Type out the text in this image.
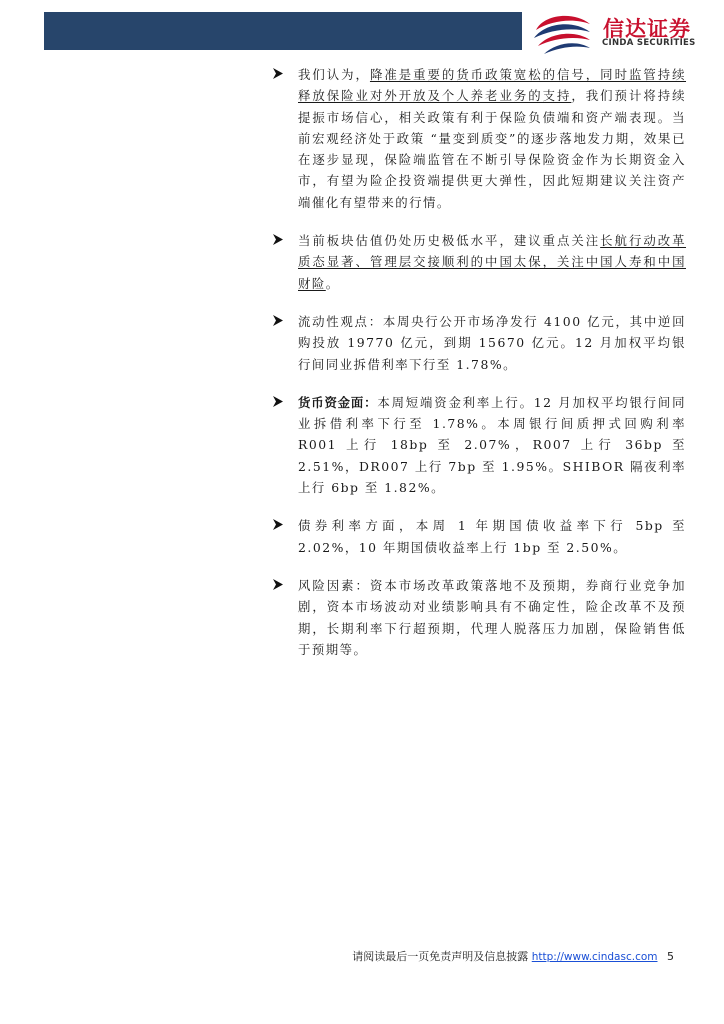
信达证券
CINDA SECURITIES

我们认为，降准是重要的货币政策宽松的信号，同时监管持续释放保险业对外开放及个人养老业务的支持，我们预计将持续提振市场信心，相关政策有利于保险负债端和资产端表现。当前宏观经济处于政策 “量变到质变”的逐步落地发力期，效果已在逐步显现，保险端监管在不断引导保险资金作为长期资金入市，有望为险企投资端提供更大弹性，因此短期建议关注资产端催化有望带来的行情。

当前板块估值仍处历史极低水平，建议重点关注长航行动改革质态显著、管理层交接顺利的中国太保，关注中国人寿和中国财险。

流动性观点：本周央行公开市场净发行 4100 亿元，其中逆回购投放 19770 亿元，到期 15670 亿元。12 月加权平均银行间同业拆借利率下行至 1.78%。

货币资金面：本周短端资金利率上行。12 月加权平均银行间同业拆借利率下行至 1.78%。本周银行间质押式回购利率 R001 上行 18bp 至 2.07%，R007 上行 36bp 至 2.51%，DR007 上行 7bp 至 1.95%。SHIBOR 隔夜利率上行 6bp 至 1.82%。

债券利率方面，本周 1 年期国债收益率下行 5bp 至 2.02%，10 年期国债收益率上行 1bp 至 2.50%。

风险因素：资本市场改革政策落地不及预期，券商行业竞争加剧，资本市场波动对业绩影响具有不确定性，险企改革不及预期，长期利率下行超预期，代理人脱落压力加剧，保险销售低于预期等。

请阅读最后一页免责声明及信息披露 http://www.cindasc.com 5
